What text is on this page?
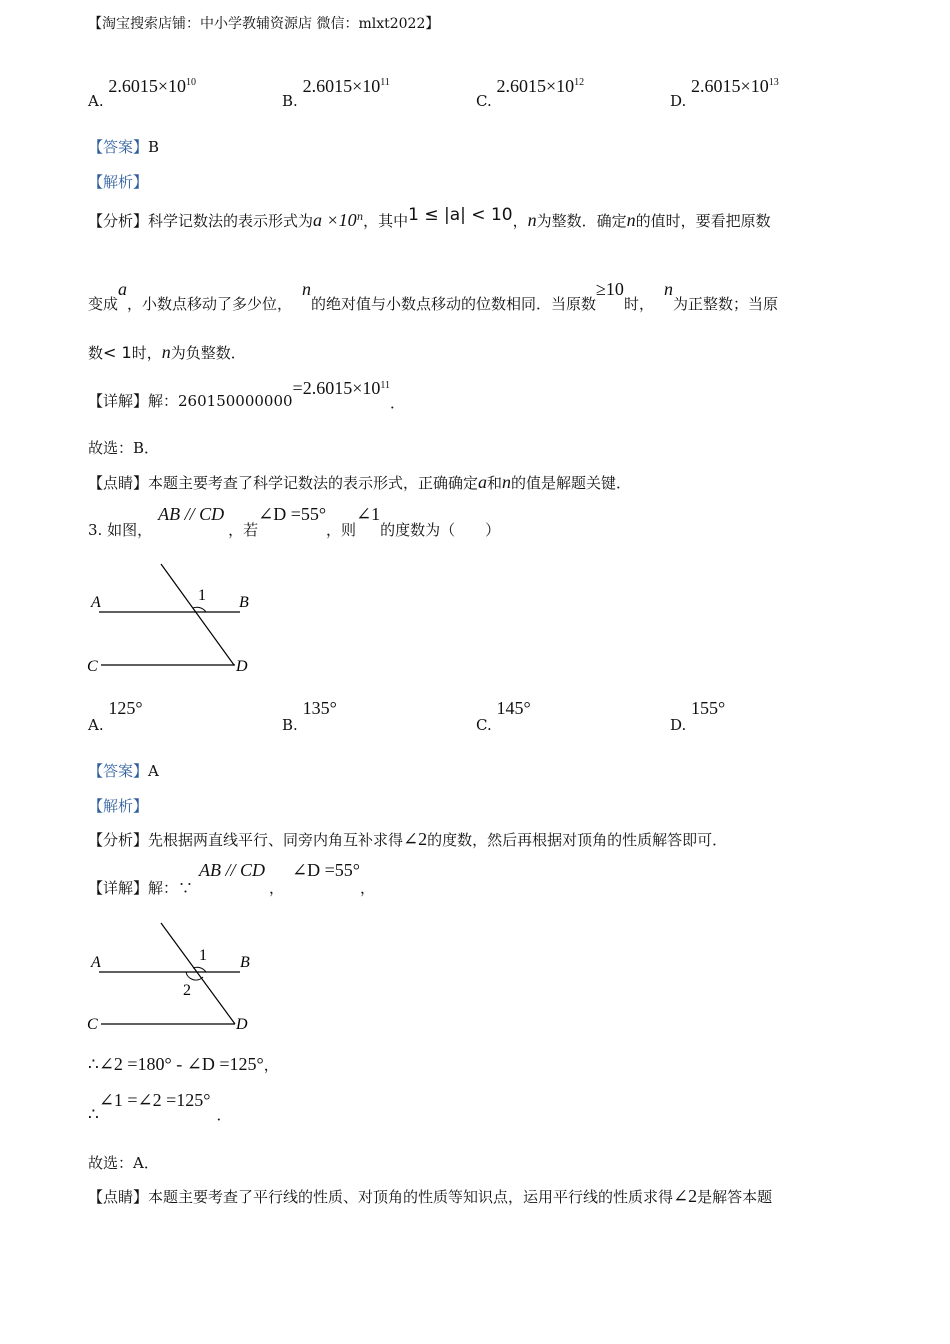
【淘宝搜索店铺：中小学教辅资源店 微信：mlxt2022】
A. $2.6015\times 10^{10}$
B. $2.6015\times 10^{11}$
C. $2.6015\times 10^{12}$
D. $2.6015\times 10^{13}$
【答案】B
【解析】
【分析】科学记数法的表示形式为$a \times 10^n$，其中1 ≤ |a| < 10，n为整数．确定n的值时，要看把原数
变成a，小数点移动了多少位，n的绝对值与小数点移动的位数相同．当原数≥10时，n为正整数；当原
数< 1时，n为负整数．
【详解】解：$260150000000=2.6015\times 10^{11}$．
故选：B．
【点睛】本题主要考查了科学记数法的表示形式，正确确定a和n的值是解题关键．
3. 如图，AB // CD，若∠D =55°，则∠1的度数为（　　）
A	B
C	D
1
A. 125°
B. 135°
C. 145°
D. 155°
【答案】A
【解析】
【分析】先根据两直线平行、同旁内角互补求得∠2的度数，然后再根据对顶角的性质解答即可．
【详解】解：∵AB // CD，∠D =55°，
A	B
C	D
1
2
∴∠2 =180° - ∠D =125°，
∴∠1 =∠2 =125°．
故选：A．
【点睛】本题主要考查了平行线的性质、对顶角的性质等知识点，运用平行线的性质求得∠2是解答本题
